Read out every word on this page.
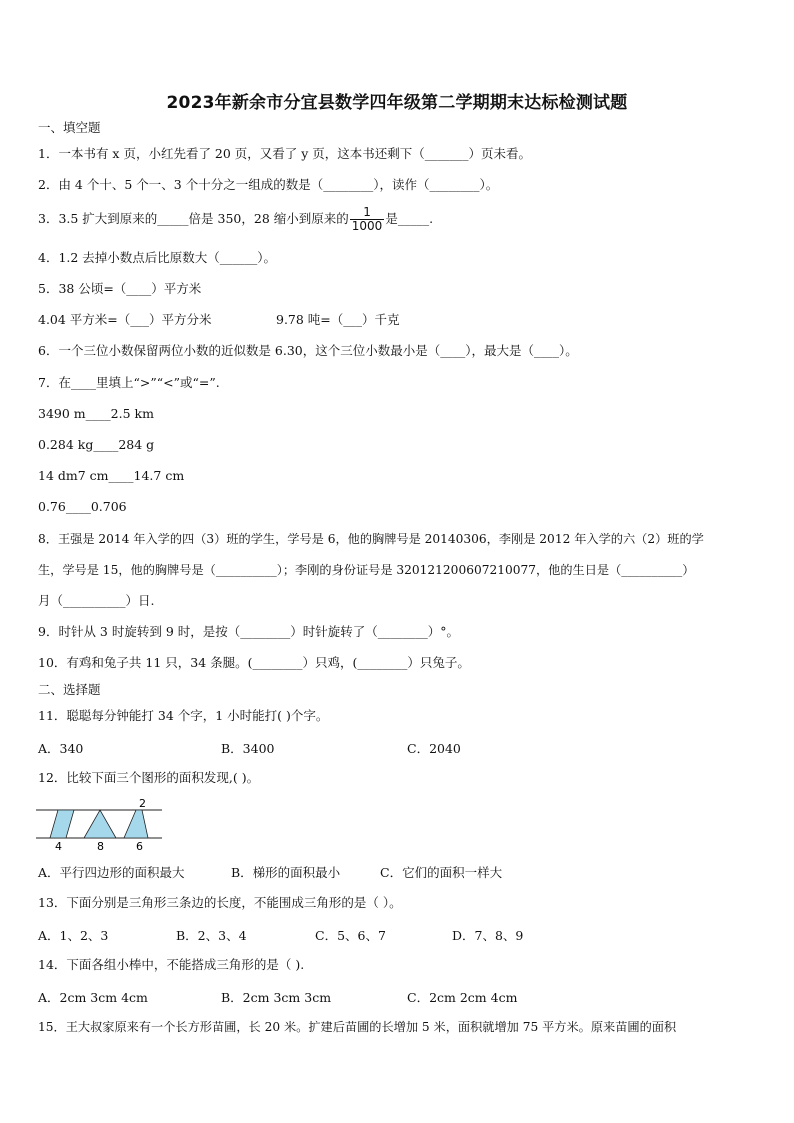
2023年新余市分宜县数学四年级第二学期期末达标检测试题
一、填空题
1．一本书有 x 页，小红先看了 20 页，又看了 y 页，这本书还剩下（_______）页未看。
2．由 4 个十、5 个一、3 个十分之一组成的数是（________），读作（________）。
3．3.5 扩大到原来的_____倍是 350，28 缩小到原来的 $\frac{1}{1000}$ 是_____.
4．1.2 去掉小数点后比原数大（______）。
5．38 公顷=（____）平方米
4.04 平方米=（___）平方分米	9.78 吨=（___）千克
6．一个三位小数保留两位小数的近似数是 6.30，这个三位小数最小是（____），最大是（____）。
7．在____里填上“>”“<”或“=”.
3490 m____2.5 km
0.284 kg____284 g
14 dm7 cm____14.7 cm
0.76____0.706
8．王强是 2014 年入学的四（3）班的学生，学号是 6，他的胸牌号是 20140306，李刚是 2012 年入学的六（2）班的学
生，学号是 15，他的胸牌号是（__________）；李刚的身份证号是 320121200607210077，他的生日是（__________）
月（__________）日.
9．时针从 3 时旋转到 9 时，是按（________）时针旋转了（________）°。
10．有鸡和兔子共 11 只，34 条腿。(________）只鸡，(________）只兔子。
二、选择题
11．聪聪每分钟能打 34 个字，1 小时能打( )个字。
A．340	B．3400	C．2040
12．比较下面三个图形的面积发现,( )。
2
4	8	6
A．平行四边形的面积最大	B．梯形的面积最小	C．它们的面积一样大
13．下面分别是三角形三条边的长度，不能围成三角形的是（ ）。
A．1、2、3	B．2、3、4	C．5、6、7	D．7、8、9
14．下面各组小棒中，不能搭成三角形的是（ ).
A．2cm 3cm 4cm	B．2cm 3cm 3cm	C．2cm 2cm 4cm
15．王大叔家原来有一个长方形苗圃，长 20 米。扩建后苗圃的长增加 5 米，面积就增加 75 平方米。原来苗圃的面积
